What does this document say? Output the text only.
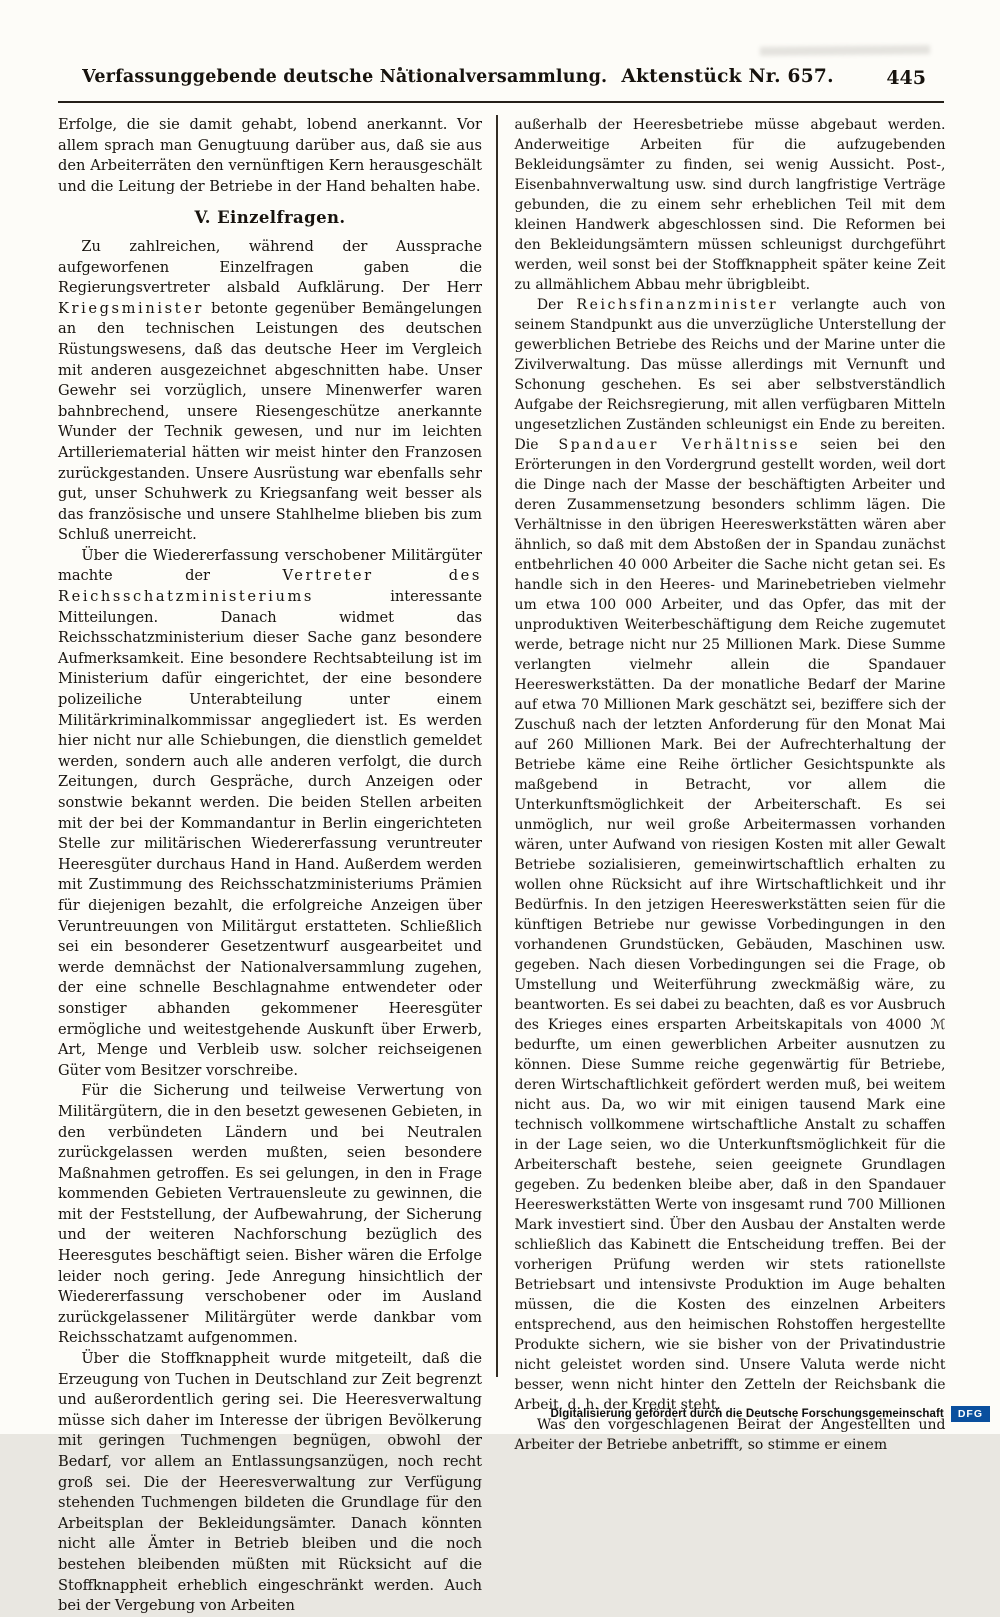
Verfassunggebende deutsche Nationalversammlung. Aktenstück Nr. 657.	445

Erfolge, die sie damit gehabt, lobend anerkannt. Vor allem sprach man Genugtuung darüber aus, daß sie aus den Arbeiterräten den vernünftigen Kern herausgeschält und die Leitung der Betriebe in der Hand behalten habe.

V. Einzelfragen.

Zu zahlreichen, während der Aussprache aufgeworfenen Einzelfragen gaben die Regierungsvertreter alsbald Aufklärung. Der Herr Kriegsminister betonte gegenüber Bemängelungen an den technischen Leistungen des deutschen Rüstungswesens, daß das deutsche Heer im Vergleich mit anderen ausgezeichnet abgeschnitten habe. Unser Gewehr sei vorzüglich, unsere Minenwerfer waren bahnbrechend, unsere Riesengeschütze anerkannte Wunder der Technik gewesen, und nur im leichten Artilleriematerial hätten wir meist hinter den Franzosen zurückgestanden. Unsere Ausrüstung war ebenfalls sehr gut, unser Schuhwerk zu Kriegsanfang weit besser als das französische und unsere Stahlhelme blieben bis zum Schluß unerreicht.

Über die Wiedererfassung verschobener Militärgüter machte der Vertreter des Reichsschatzministeriums interessante Mitteilungen. Danach widmet das Reichsschatzministerium dieser Sache ganz besondere Aufmerksamkeit. Eine besondere Rechtsabteilung ist im Ministerium dafür eingerichtet, der eine besondere polizeiliche Unterabteilung unter einem Militärkriminalkommissar angegliedert ist. Es werden hier nicht nur alle Schiebungen, die dienstlich gemeldet werden, sondern auch alle anderen verfolgt, die durch Zeitungen, durch Gespräche, durch Anzeigen oder sonstwie bekannt werden. Die beiden Stellen arbeiten mit der bei der Kommandantur in Berlin eingerichteten Stelle zur militärischen Wiedererfassung veruntreuter Heeresgüter durchaus Hand in Hand. Außerdem werden mit Zustimmung des Reichsschatzministeriums Prämien für diejenigen bezahlt, die erfolgreiche Anzeigen über Veruntreuungen von Militärgut erstatteten. Schließlich sei ein besonderer Gesetzentwurf ausgearbeitet und werde demnächst der Nationalversammlung zugehen, der eine schnelle Beschlagnahme entwendeter oder sonstiger abhanden gekommener Heeresgüter ermögliche und weitestgehende Auskunft über Erwerb, Art, Menge und Verbleib usw. solcher reichseigenen Güter vom Besitzer vorschreibe.

Für die Sicherung und teilweise Verwertung von Militärgütern, die in den besetzt gewesenen Gebieten, in den verbündeten Ländern und bei Neutralen zurückgelassen werden mußten, seien besondere Maßnahmen getroffen. Es sei gelungen, in den in Frage kommenden Gebieten Vertrauensleute zu gewinnen, die mit der Feststellung, der Aufbewahrung, der Sicherung und der weiteren Nachforschung bezüglich des Heeresgutes beschäftigt seien. Bisher wären die Erfolge leider noch gering. Jede Anregung hinsichtlich der Wiedererfassung verschobener oder im Ausland zurückgelassener Militärgüter werde dankbar vom Reichsschatzamt aufgenommen.

Über die Stoffknappheit wurde mitgeteilt, daß die Erzeugung von Tuchen in Deutschland zur Zeit begrenzt und außerordentlich gering sei. Die Heeresverwaltung müsse sich daher im Interesse der übrigen Bevölkerung mit geringen Tuchmengen begnügen, obwohl der Bedarf, vor allem an Entlassungsanzügen, noch recht groß sei. Die der Heeresverwaltung zur Verfügung stehenden Tuchmengen bildeten die Grundlage für den Arbeitsplan der Bekleidungsämter. Danach könnten nicht alle Ämter in Betrieb bleiben und die noch bestehen bleibenden müßten mit Rücksicht auf die Stoffknappheit erheblich eingeschränkt werden. Auch bei der Vergebung von Arbeiten

außerhalb der Heeresbetriebe müsse abgebaut werden. Anderweitige Arbeiten für die aufzugebenden Bekleidungsämter zu finden, sei wenig Aussicht. Post-, Eisenbahnverwaltung usw. sind durch langfristige Verträge gebunden, die zu einem sehr erheblichen Teil mit dem kleinen Handwerk abgeschlossen sind. Die Reformen bei den Bekleidungsämtern müssen schleunigst durchgeführt werden, weil sonst bei der Stoffknappheit später keine Zeit zu allmählichem Abbau mehr übrigbleibt.

Der Reichsfinanzminister verlangte auch von seinem Standpunkt aus die unverzügliche Unterstellung der gewerblichen Betriebe des Reichs und der Marine unter die Zivilverwaltung. Das müsse allerdings mit Vernunft und Schonung geschehen. Es sei aber selbstverständlich Aufgabe der Reichsregierung, mit allen verfügbaren Mitteln ungesetzlichen Zuständen schleunigst ein Ende zu bereiten. Die Spandauer Verhältnisse seien bei den Erörterungen in den Vordergrund gestellt worden, weil dort die Dinge nach der Masse der beschäftigten Arbeiter und deren Zusammensetzung besonders schlimm lägen. Die Verhältnisse in den übrigen Heereswerkstätten wären aber ähnlich, so daß mit dem Abstoßen der in Spandau zunächst entbehrlichen 40 000 Arbeiter die Sache nicht getan sei. Es handle sich in den Heeres- und Marinebetrieben vielmehr um etwa 100 000 Arbeiter, und das Opfer, das mit der unproduktiven Weiterbeschäftigung dem Reiche zugemutet werde, betrage nicht nur 25 Millionen Mark. Diese Summe verlangten vielmehr allein die Spandauer Heereswerkstätten. Da der monatliche Bedarf der Marine auf etwa 70 Millionen Mark geschätzt sei, beziffere sich der Zuschuß nach der letzten Anforderung für den Monat Mai auf 260 Millionen Mark. Bei der Aufrechterhaltung der Betriebe käme eine Reihe örtlicher Gesichtspunkte als maßgebend in Betracht, vor allem die Unterkunftsmöglichkeit der Arbeiterschaft. Es sei unmöglich, nur weil große Arbeitermassen vorhanden wären, unter Aufwand von riesigen Kosten mit aller Gewalt Betriebe sozialisieren, gemeinwirtschaftlich erhalten zu wollen ohne Rücksicht auf ihre Wirtschaftlichkeit und ihr Bedürfnis. In den jetzigen Heereswerkstätten seien für die künftigen Betriebe nur gewisse Vorbedingungen in den vorhandenen Grundstücken, Gebäuden, Maschinen usw. gegeben. Nach diesen Vorbedingungen sei die Frage, ob Umstellung und Weiterführung zweckmäßig wäre, zu beantworten. Es sei dabei zu beachten, daß es vor Ausbruch des Krieges eines ersparten Arbeitskapitals von 4000 ℳ bedurfte, um einen gewerblichen Arbeiter ausnutzen zu können. Diese Summe reiche gegenwärtig für Betriebe, deren Wirtschaftlichkeit gefördert werden muß, bei weitem nicht aus. Da, wo wir mit einigen tausend Mark eine technisch vollkommene wirtschaftliche Anstalt zu schaffen in der Lage seien, wo die Unterkunftsmöglichkeit für die Arbeiterschaft bestehe, seien geeignete Grundlagen gegeben. Zu bedenken bleibe aber, daß in den Spandauer Heereswerkstätten Werte von insgesamt rund 700 Millionen Mark investiert sind. Über den Ausbau der Anstalten werde schließlich das Kabinett die Entscheidung treffen. Bei der vorherigen Prüfung werden wir stets rationellste Betriebsart und intensivste Produktion im Auge behalten müssen, die die Kosten des einzelnen Arbeiters entsprechend, aus den heimischen Rohstoffen hergestellte Produkte sichern, wie sie bisher von der Privatindustrie nicht geleistet worden sind. Unsere Valuta werde nicht besser, wenn nicht hinter den Zetteln der Reichsbank die Arbeit, d. h. der Kredit steht.

Was den vorgeschlagenen Beirat der Angestellten und Arbeiter der Betriebe anbetrifft, so stimme er einem

Digitalisierung gefördert durch die Deutsche Forschungsgemeinschaft	DFG
